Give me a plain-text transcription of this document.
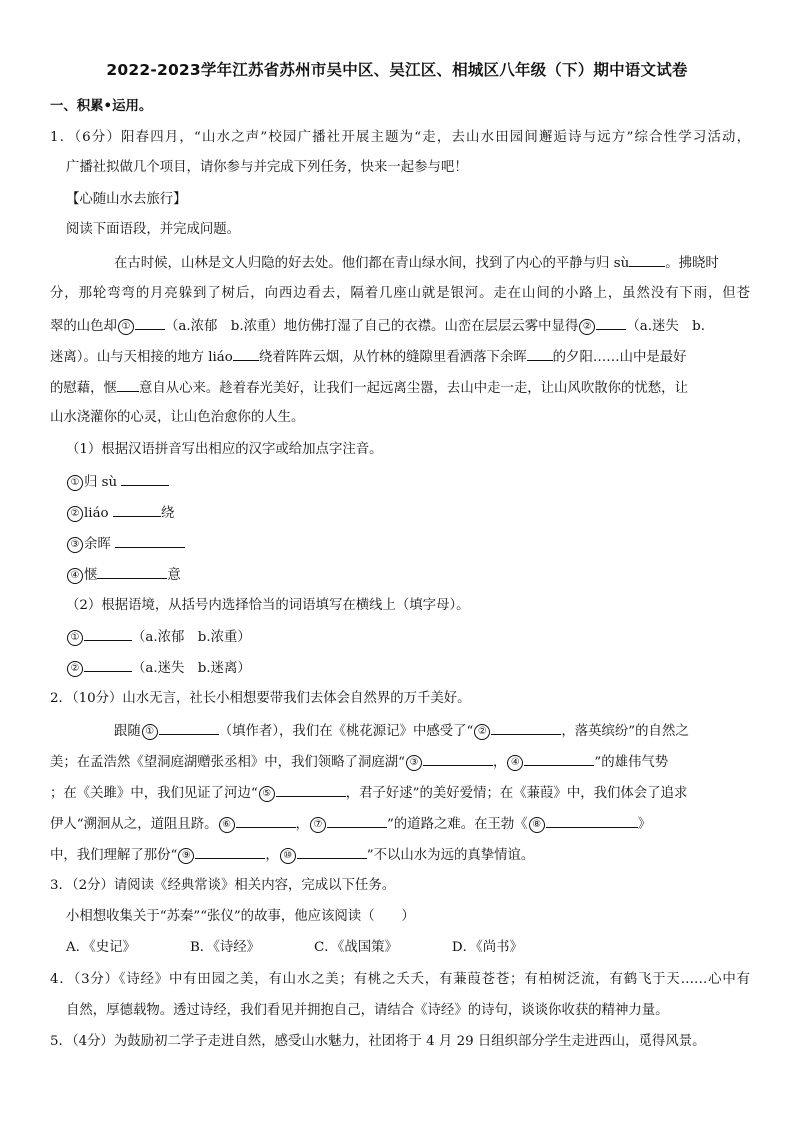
2022-2023学年江苏省苏州市吴中区、吴江区、相城区八年级（下）期中语文试卷
一、积累•运用。
1．（6分）阳春四月，“山水之声”校园广播社开展主题为“走，去山水田园间邂逅诗与远方”综合性学习活动，
广播社拟做几个项目，请你参与并完成下列任务，快来一起参与吧！
【心随山水去旅行】
阅读下面语段，并完成问题。
在古时候，山林是文人归隐的好去处。他们都在青山绿水间，找到了内心的平静与归 sù	。拂晓时
分，那轮弯弯的月亮躲到了树后，向西边看去，隔着几座山就是银河。走在山间的小路上，虽然没有下雨，但苍
翠的山色却 ①	（a.浓郁　b.浓重）地仿佛打湿了自己的衣襟。山峦在层层云雾中显得 ②	（a.迷失　b.
迷离）。山与天相接的地方 liáo 绕着阵阵云烟，从竹林的缝隙里看洒落下余晖 的夕阳……山中是最好
的慰藉，惬 意自从心来。趁着春光美好，让我们一起远离尘嚣，去山中走一走，让山风吹散你的忧愁，让
山水浇灌你的心灵，让山色治愈你的人生。
（1）根据汉语拼音写出相应的汉字或给加点字注音。
① 归 sù
② liáo	绕
③ 余晖
④ 惬	意
（2）根据语境，从括号内选择恰当的词语填写在横线上（填字母）。
①	（a.浓郁　b.浓重）
②	（a.迷失　b.迷离）
2．（10分）山水无言，社长小相想要带我们去体会自然界的万千美好。
跟随 ①	（填作者），我们在《桃花源记》中感受了“ ②	，落英缤纷”的自然之
美；在孟浩然《望洞庭湖赠张丞相》中，我们领略了洞庭湖“ ③	， ④	”的雄伟气势
；在《关雎》中，我们见证了河边“ ⑤	，君子好逑”的美好爱情；在《蒹葭》中，我们体会了追求
伊人“溯洄从之，道阻且跻。 ⑥	， ⑦	”的道路之难。在王勃《 ⑧	》
中，我们理解了那份“ ⑨	， ⑩	”不以山水为远的真挚情谊。
3．（2分）请阅读《经典常谈》相关内容，完成以下任务。
小相想收集关于“苏秦”“张仪”的故事，他应该阅读（　　）
A．《史记》	B．《诗经》	C．《战国策》	D．《尚书》
4．（3分）《诗经》中有田园之美，有山水之美；有桃之夭夭，有蒹葭苍苍；有柏树泛流，有鹤飞于天……心中有
自然，厚德载物。透过诗经，我们看见并拥抱自己，请结合《诗经》的诗句，谈谈你收获的精神力量。
5．（4分）为鼓励初二学子走进自然，感受山水魅力，社团将于 4 月 29 日组织部分学生走进西山，觅得风景。
